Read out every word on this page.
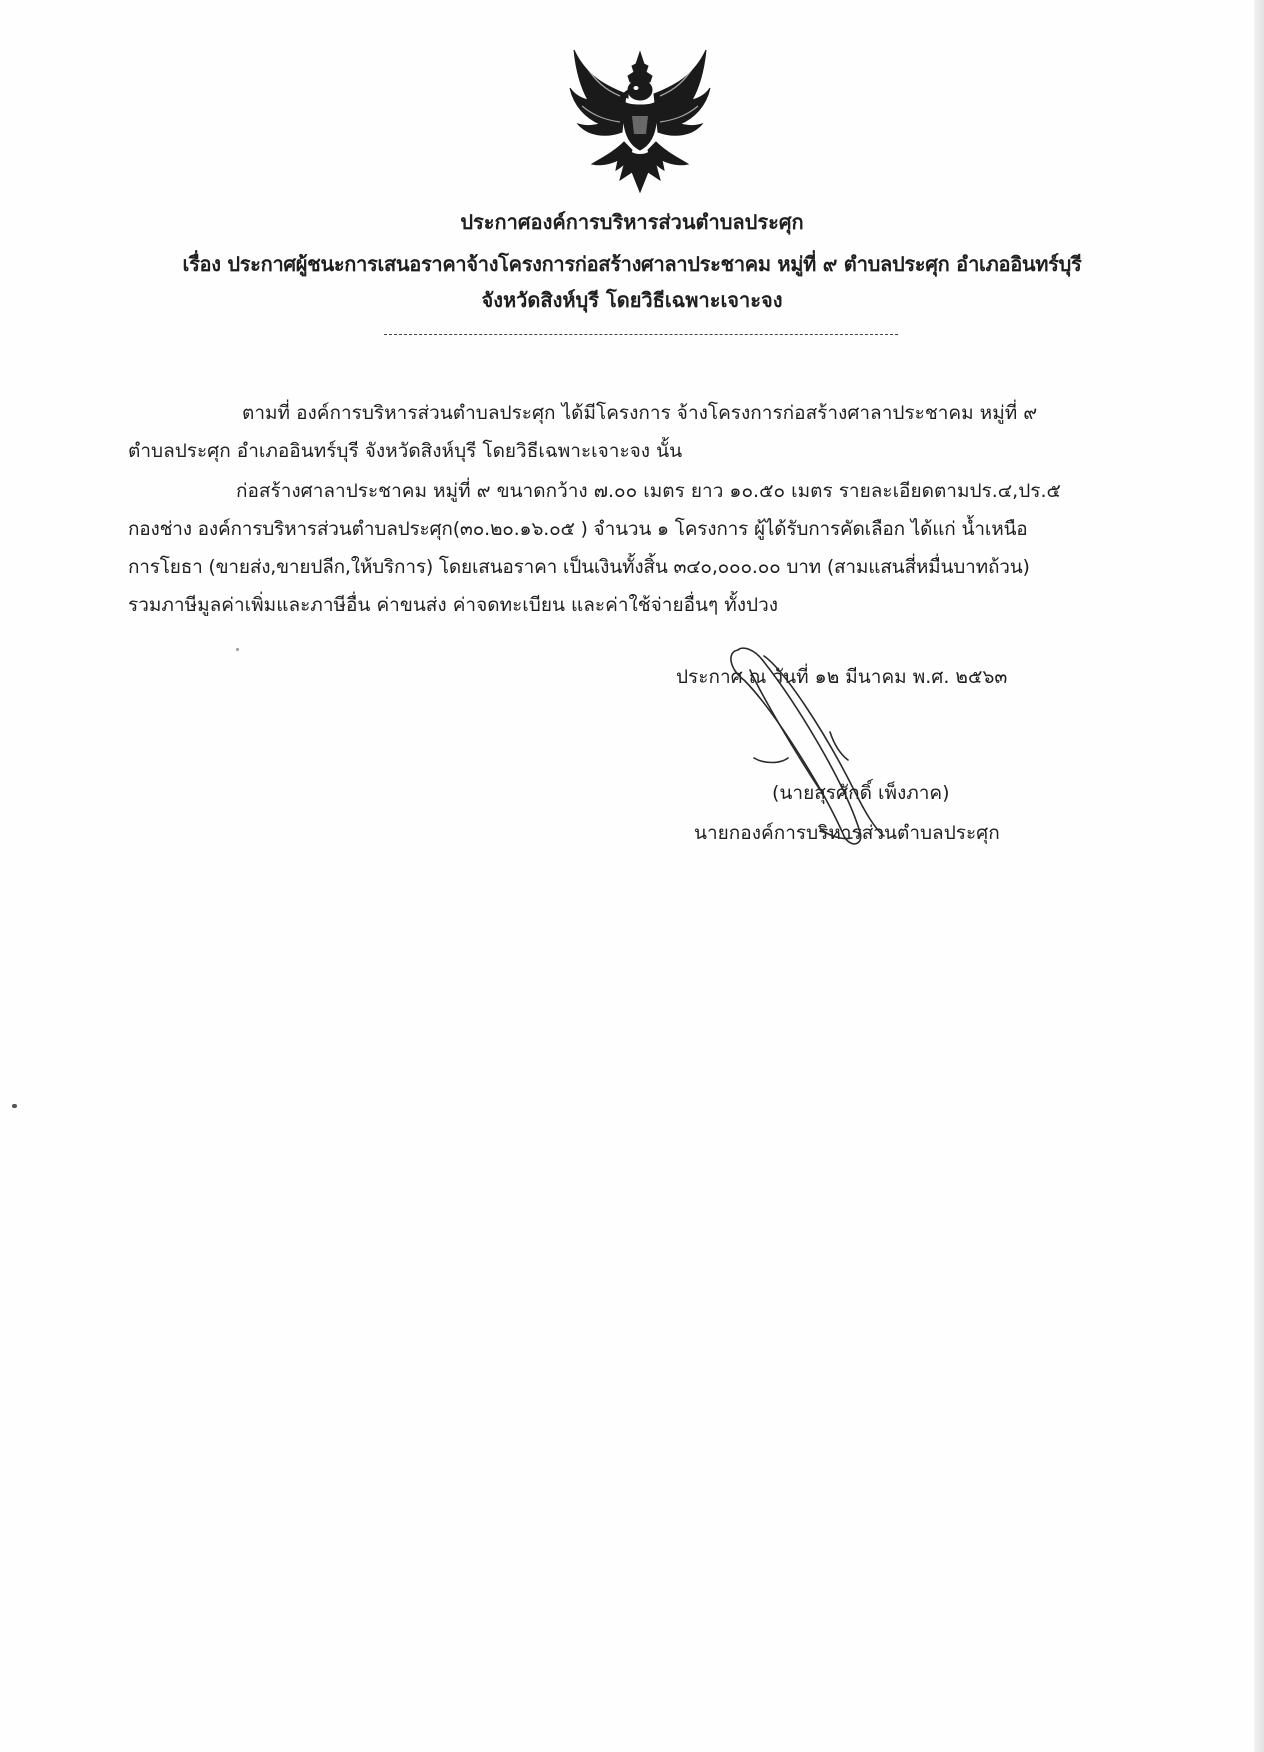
ประกาศองค์การบริหารส่วนตำบลประศุก
เรื่อง ประกาศผู้ชนะการเสนอราคาจ้างโครงการก่อสร้างศาลาประชาคม หมู่ที่ ๙ ตำบลประศุก อำเภออินทร์บุรี
จังหวัดสิงห์บุรี โดยวิธีเฉพาะเจาะจง
ตามที่ องค์การบริหารส่วนตำบลประศุก ได้มีโครงการ จ้างโครงการก่อสร้างศาลาประชาคม หมู่ที่ ๙
ตำบลประศุก อำเภออินทร์บุรี จังหวัดสิงห์บุรี โดยวิธีเฉพาะเจาะจง นั้น
ก่อสร้างศาลาประชาคม หมู่ที่ ๙ ขนาดกว้าง ๗.๐๐ เมตร ยาว ๑๐.๕๐ เมตร รายละเอียดตามปร.๔,ปร.๕
กองช่าง องค์การบริหารส่วนตำบลประศุก(๓๐.๒๐.๑๖.๐๕ ) จำนวน ๑ โครงการ ผู้ได้รับการคัดเลือก ได้แก่ น้ำเหนือ
การโยธา (ขายส่ง,ขายปลีก,ให้บริการ) โดยเสนอราคา เป็นเงินทั้งสิ้น ๓๔๐,๐๐๐.๐๐ บาท (สามแสนสี่หมื่นบาทถ้วน)
รวมภาษีมูลค่าเพิ่มและภาษีอื่น ค่าขนส่ง ค่าจดทะเบียน และค่าใช้จ่ายอื่นๆ ทั้งปวง
ประกาศ ณ วันที่ ๑๒ มีนาคม พ.ศ. ๒๕๖๓
(นายสุรศักดิ์ เพ็งภาค)
นายกองค์การบริหารส่วนตำบลประศุก
